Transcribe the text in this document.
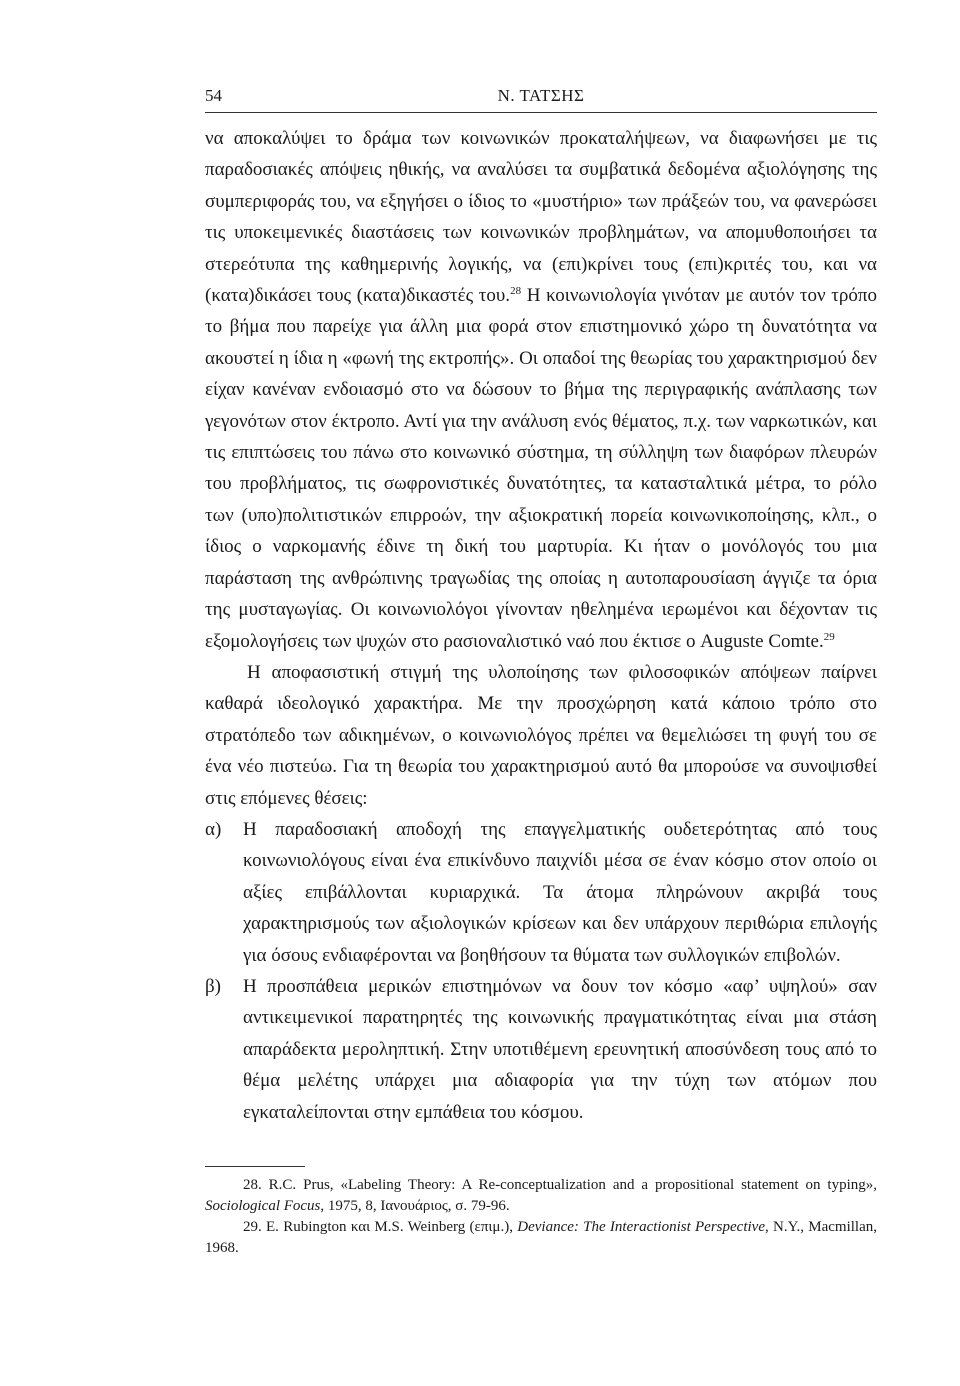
54	Ν. ΤΑΤΣΗΣ

να αποκαλύψει το δράμα των κοινωνικών προκαταλήψεων, να διαφωνήσει με τις παραδοσιακές απόψεις ηθικής, να αναλύσει τα συμβατικά δεδομένα αξιολόγησης της συμπεριφοράς του, να εξηγήσει ο ίδιος το «μυστήριο» των πράξεών του, να φανερώσει τις υποκειμενικές διαστάσεις των κοινωνικών προβλημάτων, να απομυθοποιήσει τα στερεότυπα της καθημερινής λογικής, να (επι)κρίνει τους (επι)κριτές του, και να (κατα)δικάσει τους (κατα)δικαστές του.$^{28}$ Η κοινωνιολογία γινόταν με αυτόν τον τρόπο το βήμα που παρείχε για άλλη μια φορά στον επιστημονικό χώρο τη δυνατότητα να ακουστεί η ίδια η «φωνή της εκτροπής». Οι οπαδοί της θεωρίας του χαρακτηρισμού δεν είχαν κανέναν ενδοιασμό στο να δώσουν το βήμα της περιγραφικής ανάπλασης των γεγονότων στον έκτροπο. Αντί για την ανάλυση ενός θέματος, π.χ. των ναρκωτικών, και τις επιπτώσεις του πάνω στο κοινωνικό σύστημα, τη σύλληψη των διαφόρων πλευρών του προβλήματος, τις σωφρονιστικές δυνατότητες, τα κατασταλτικά μέτρα, το ρόλο των (υπο)πολιτιστικών επιρροών, την αξιοκρατική πορεία κοινωνικοποίησης, κλπ., ο ίδιος ο ναρκομανής έδινε τη δική του μαρτυρία. Κι ήταν ο μονόλογός του μια παράσταση της ανθρώπινης τραγωδίας της οποίας η αυτοπαρουσίαση άγγιζε τα όρια της μυσταγωγίας. Οι κοινωνιολόγοι γίνονταν ηθελημένα ιερωμένοι και δέχονταν τις εξομολογήσεις των ψυχών στο ρασιοναλιστικό ναό που έκτισε ο Auguste Comte.$^{29}$

Η αποφασιστική στιγμή της υλοποίησης των φιλοσοφικών απόψεων παίρνει καθαρά ιδεολογικό χαρακτήρα. Με την προσχώρηση κατά κάποιο τρόπο στο στρατόπεδο των αδικημένων, ο κοινωνιολόγος πρέπει να θεμελιώσει τη φυγή του σε ένα νέο πιστεύω. Για τη θεωρία του χαρακτηρισμού αυτό θα μπορούσε να συνοψισθεί στις επόμενες θέσεις:

α) Η παραδοσιακή αποδοχή της επαγγελματικής ουδετερότητας από τους κοινωνιολόγους είναι ένα επικίνδυνο παιχνίδι μέσα σε έναν κόσμο στον οποίο οι αξίες επιβάλλονται κυριαρχικά. Τα άτομα πληρώνουν ακριβά τους χαρακτηρισμούς των αξιολογικών κρίσεων και δεν υπάρχουν περιθώρια επιλογής για όσους ενδιαφέρονται να βοηθήσουν τα θύματα των συλλογικών επιβολών.
β) Η προσπάθεια μερικών επιστημόνων να δουν τον κόσμο «αφ’ υψηλού» σαν αντικειμενικοί παρατηρητές της κοινωνικής πραγματικότητας είναι μια στάση απαράδεκτα μεροληπτική. Στην υποτιθέμενη ερευνητική αποσύνδεση τους από το θέμα μελέτης υπάρχει μια αδιαφορία για την τύχη των ατόμων που εγκαταλείπονται στην εμπάθεια του κόσμου.

28. R.C. Prus, «Labeling Theory: A Re-conceptualization and a propositional statement on typing», Sociological Focus, 1975, 8, Ιανουάριος, σ. 79-96.

29. E. Rubington και M.S. Weinberg (επιμ.), Deviance: The Interactionist Perspective, N.Y., Macmillan, 1968.
